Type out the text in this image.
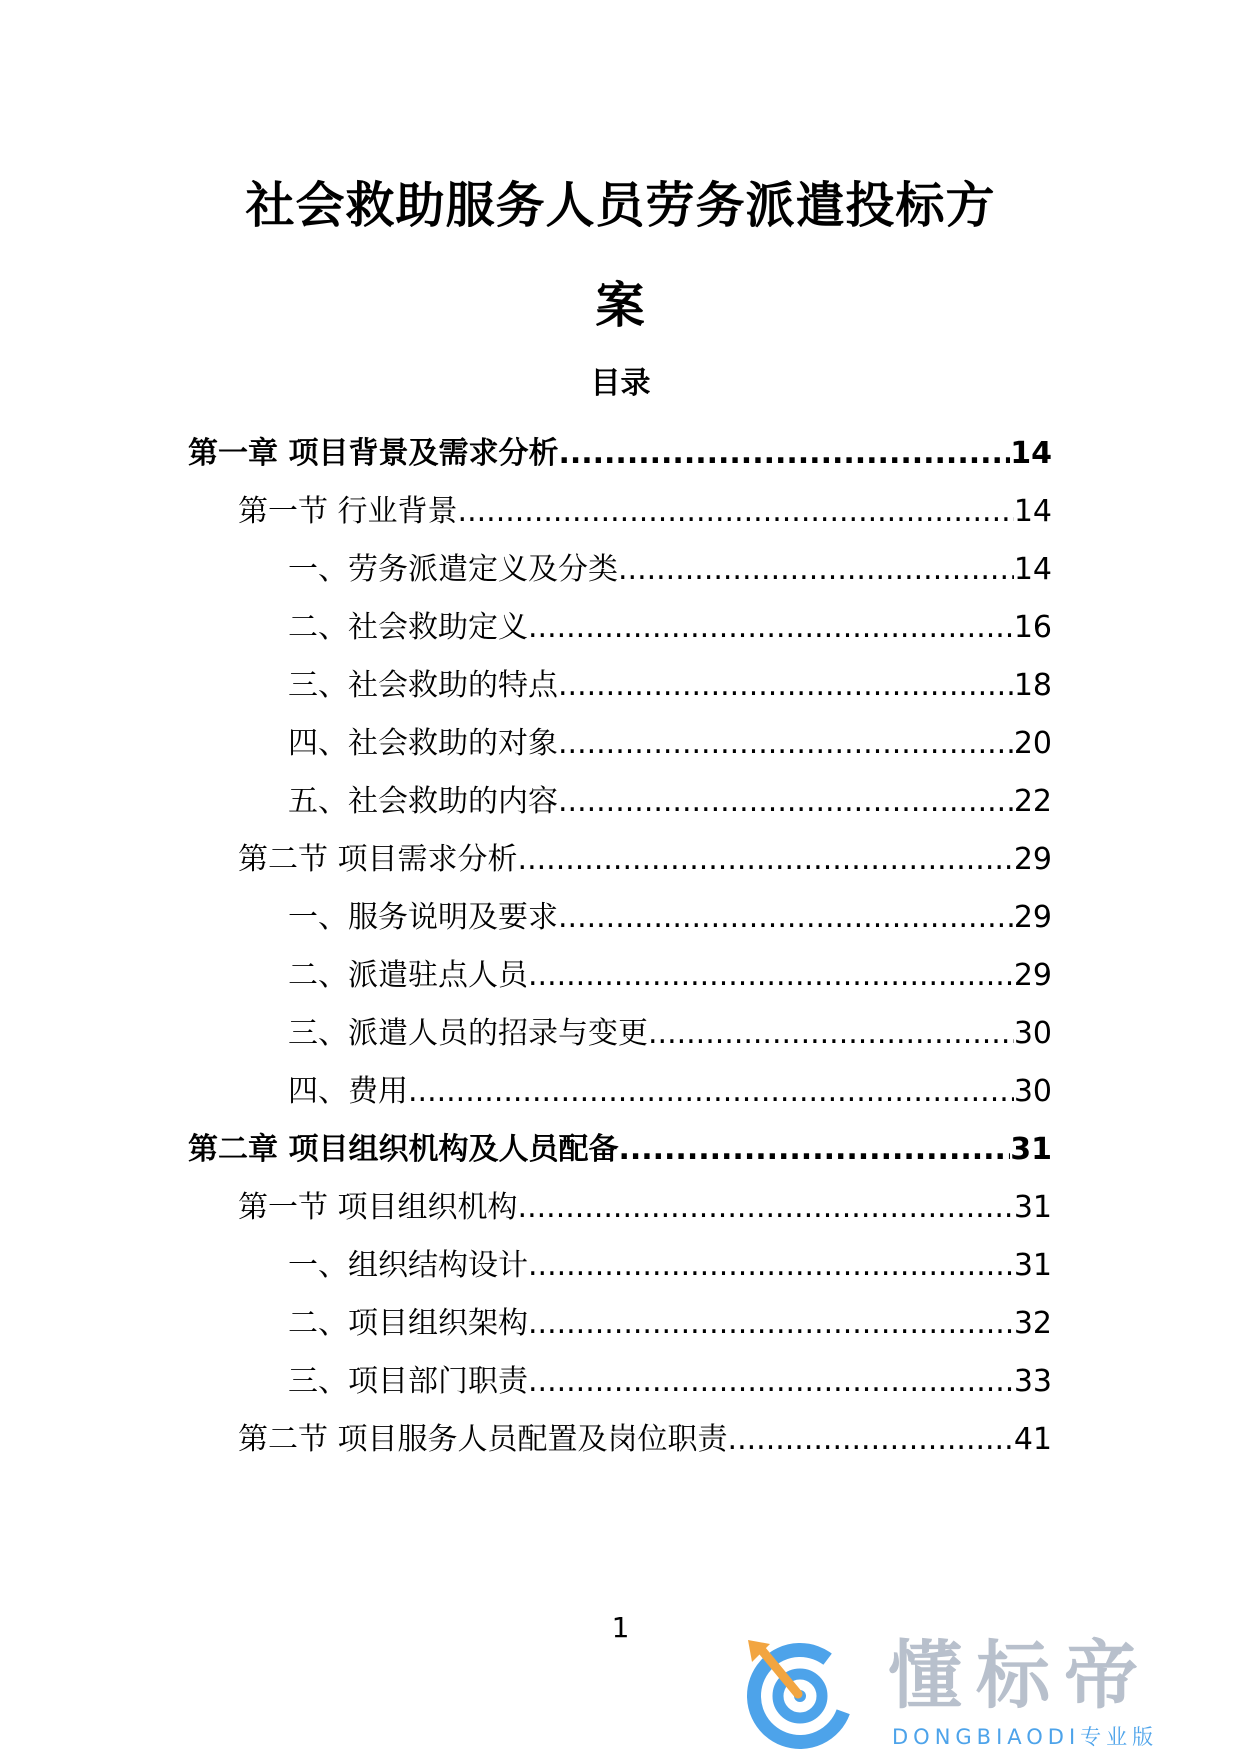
社会救助服务人员劳务派遣投标方
案
目录
第一章 项目背景及需求分析 .....	14
第一节 行业背景 .....	14
一、劳务派遣定义及分类 .....	14
二、社会救助定义 .....	16
三、社会救助的特点 .....	18
四、社会救助的对象 .....	20
五、社会救助的内容 .....	22
第二节 项目需求分析 .....	29
一、服务说明及要求 .....	29
二、派遣驻点人员 .....	29
三、派遣人员的招录与变更 .....	30
四、费用 .....	30
第二章 项目组织机构及人员配备 .....	31
第一节 项目组织机构 .....	31
一、组织结构设计 .....	31
二、项目组织架构 .....	32
三、项目部门职责 .....	33
第二节 项目服务人员配置及岗位职责 .....	41
1
懂标帝
DONGBIAODI专业版
